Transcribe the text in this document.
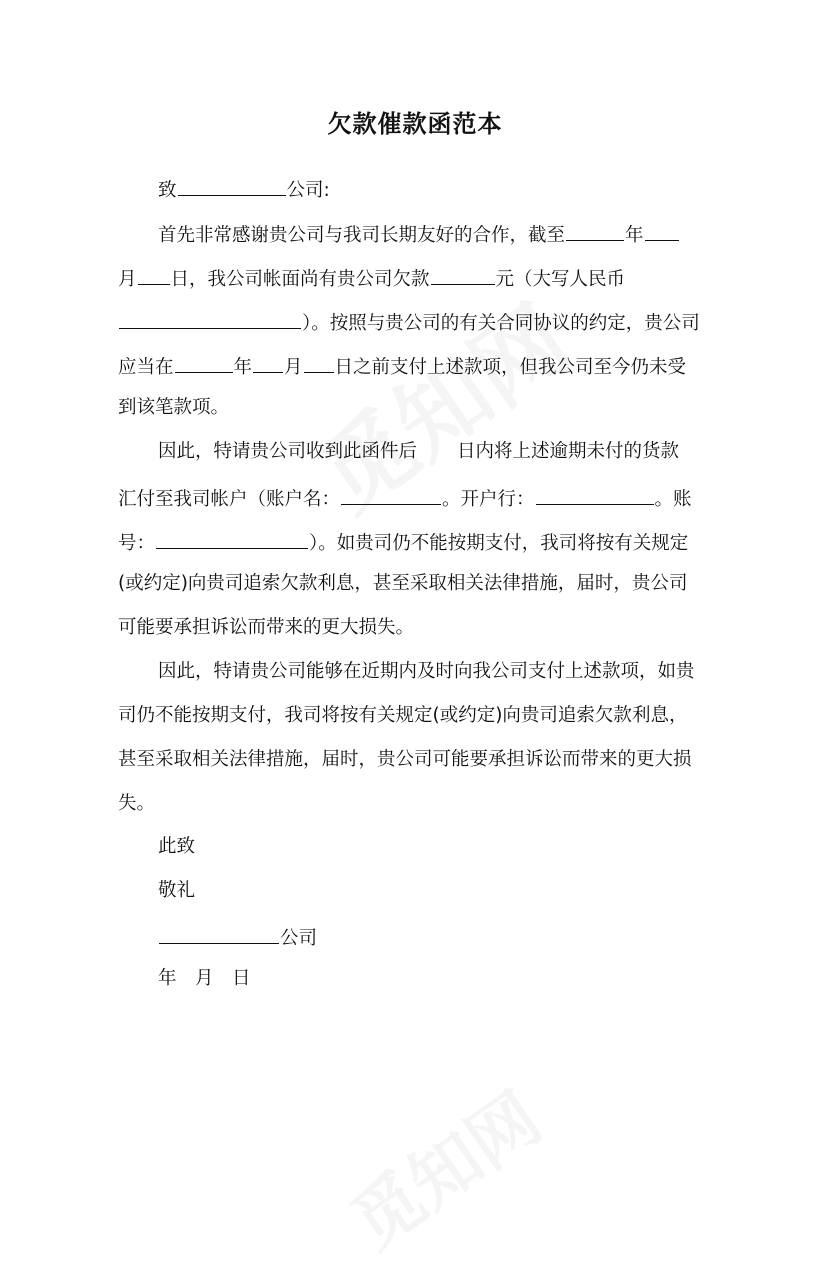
欠款催款函范本
致	公司:
首先非常感谢贵公司与我司长期友好的合作，截至	年
月 日，我公司帐面尚有贵公司欠款	元（大写人民币
）。按照与贵公司的有关合同协议的约定，贵公司
应当在	年 月 日之前支付上述款项，但我公司至今仍未受
到该笔款项。
因此，特请贵公司收到此函件后 日内将上述逾期未付的货款
汇付至我司帐户（账户名：	。开户行：	。账
号：	）。如贵司仍不能按期支付，我司将按有关规定
(或约定)向贵司追索欠款利息，甚至采取相关法律措施，届时，贵公司
可能要承担诉讼而带来的更大损失。
因此，特请贵公司能够在近期内及时向我公司支付上述款项，如贵
司仍不能按期支付，我司将按有关规定(或约定)向贵司追索欠款利息，
甚至采取相关法律措施，届时，贵公司可能要承担诉讼而带来的更大损
失。
此致
敬礼
公司
年　月　日
